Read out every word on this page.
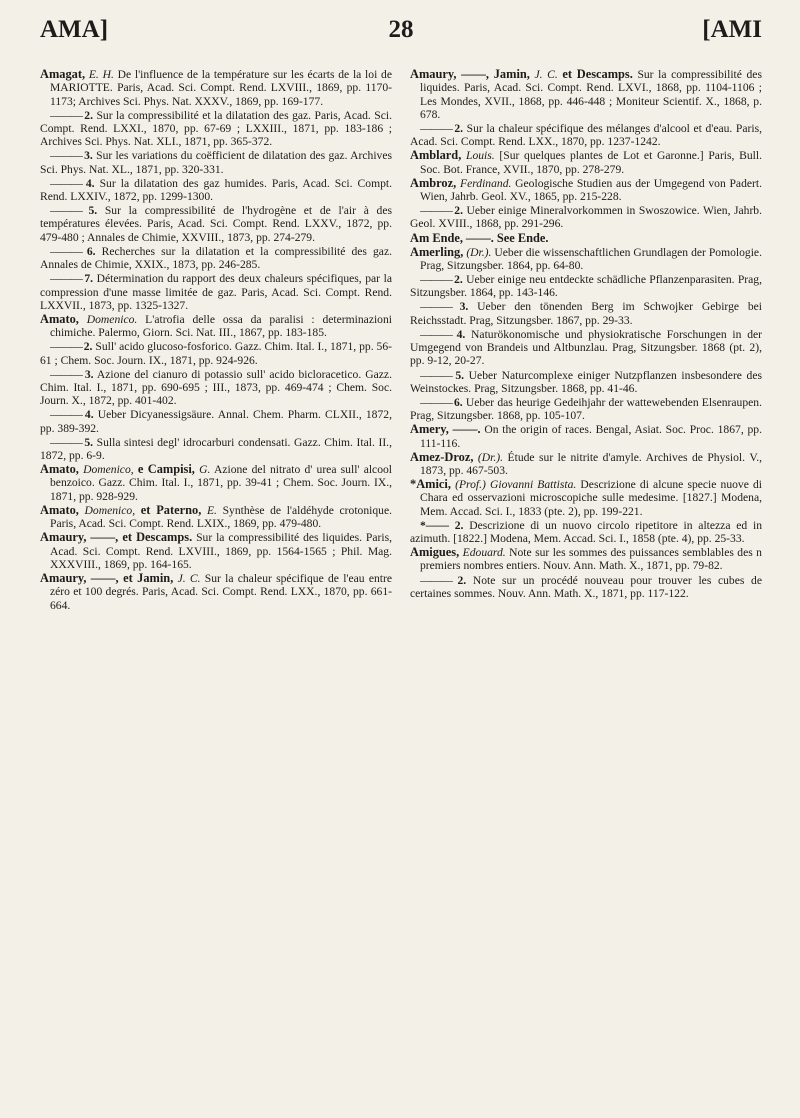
AMA]	28	[AMI

Amagat, E. H. De l'influence de la température sur les écarts de la loi de MARIOTTE. Paris, Acad. Sci. Compt. Rend. LXVIII., 1869, pp. 1170-1173; Archives Sci. Phys. Nat. XXXV., 1869, pp. 169-177.

——— 2. Sur la compressibilité et la dilatation des gaz. Paris, Acad. Sci. Compt. Rend. LXXI., 1870, pp. 67-69 ; LXXIII., 1871, pp. 183-186 ; Archives Sci. Phys. Nat. XLI., 1871, pp. 365-372.

——— 3. Sur les variations du coëfficient de dilatation des gaz. Archives Sci. Phys. Nat. XL., 1871, pp. 320-331.

——— 4. Sur la dilatation des gaz humides. Paris, Acad. Sci. Compt. Rend. LXXIV., 1872, pp. 1299-1300.

——— 5. Sur la compressibilité de l'hydrogène et de l'air à des températures élevées. Paris, Acad. Sci. Compt. Rend. LXXV., 1872, pp. 479-480 ; Annales de Chimie, XXVIII., 1873, pp. 274-279.

——— 6. Recherches sur la dilatation et la compressibilité des gaz. Annales de Chimie, XXIX., 1873, pp. 246-285.

——— 7. Détermination du rapport des deux chaleurs spécifiques, par la compression d'une masse limitée de gaz. Paris, Acad. Sci. Compt. Rend. LXXVII., 1873, pp. 1325-1327.

Amato, Domenico. L'atrofia delle ossa da paralisi : determinazioni chimiche. Palermo, Giorn. Sci. Nat. III., 1867, pp. 183-185.

——— 2. Sull' acido glucoso-fosforico. Gazz. Chim. Ital. I., 1871, pp. 56-61 ; Chem. Soc. Journ. IX., 1871, pp. 924-926.

——— 3. Azione del cianuro di potassio sull' acido bicloracetico. Gazz. Chim. Ital. I., 1871, pp. 690-695 ; III., 1873, pp. 469-474 ; Chem. Soc. Journ. X., 1872, pp. 401-402.

——— 4. Ueber Dicyanessigsäure. Annal. Chem. Pharm. CLXII., 1872, pp. 389-392.

——— 5. Sulla sintesi degl' idrocarburi condensati. Gazz. Chim. Ital. II., 1872, pp. 6-9.

Amato, Domenico, e Campisi, G. Azione del nitrato d' urea sull' alcool benzoico. Gazz. Chim. Ital. I., 1871, pp. 39-41 ; Chem. Soc. Journ. IX., 1871, pp. 928-929.

Amato, Domenico, et Paterno, E. Synthèse de l'aldéhyde crotonique. Paris, Acad. Sci. Compt. Rend. LXIX., 1869, pp. 479-480.

Amaury, ——, et Descamps. Sur la compressibilité des liquides. Paris, Acad. Sci. Compt. Rend. LXVIII., 1869, pp. 1564-1565 ; Phil. Mag. XXXVIII., 1869, pp. 164-165.

Amaury, ——, et Jamin, J. C. Sur la chaleur spécifique de l'eau entre zéro et 100 degrés. Paris, Acad. Sci. Compt. Rend. LXX., 1870, pp. 661-664.

Amaury, ——, Jamin, J. C. et Descamps. Sur la compressibilité des liquides. Paris, Acad. Sci. Compt. Rend. LXVI., 1868, pp. 1104-1106 ; Les Mondes, XVII., 1868, pp. 446-448 ; Moniteur Scientif. X., 1868, p. 678.

——— 2. Sur la chaleur spécifique des mélanges d'alcool et d'eau. Paris, Acad. Sci. Compt. Rend. LXX., 1870, pp. 1237-1242.

Amblard, Louis. [Sur quelques plantes de Lot et Garonne.] Paris, Bull. Soc. Bot. France, XVII., 1870, pp. 278-279.

Ambroz, Ferdinand. Geologische Studien aus der Umgegend von Padert. Wien, Jahrb. Geol. XV., 1865, pp. 215-228.

——— 2. Ueber einige Mineralvorkommen in Swoszowice. Wien, Jahrb. Geol. XVIII., 1868, pp. 291-296.

Am Ende, ——. See Ende.

Amerling, (Dr.). Ueber die wissenschaftlichen Grundlagen der Pomologie. Prag, Sitzungsber. 1864, pp. 64-80.

——— 2. Ueber einige neu entdeckte schädliche Pflanzenparasiten. Prag, Sitzungsber. 1864, pp. 143-146.

——— 3. Ueber den tönenden Berg im Schwojker Gebirge bei Reichsstadt. Prag, Sitzungsber. 1867, pp. 29-33.

——— 4. Naturökonomische und physiokratische Forschungen in der Umgegend von Brandeis und Altbunzlau. Prag, Sitzungsber. 1868 (pt. 2), pp. 9-12, 20-27.

——— 5. Ueber Naturcomplexe einiger Nutzpflanzen insbesondere des Weinstockes. Prag, Sitzungsber. 1868, pp. 41-46.

——— 6. Ueber das heurige Gedeihjahr der wattewebenden Elsenraupen. Prag, Sitzungsber. 1868, pp. 105-107.

Amery, ——. On the origin of races. Bengal, Asiat. Soc. Proc. 1867, pp. 111-116.

Amez-Droz, (Dr.). Étude sur le nitrite d'amyle. Archives de Physiol. V., 1873, pp. 467-503.

*Amici, (Prof.) Giovanni Battista. Descrizione di alcune specie nuove di Chara ed osservazioni microscopiche sulle medesime. [1827.] Modena, Mem. Accad. Sci. I., 1833 (pte. 2), pp. 199-221.

*—— 2. Descrizione di un nuovo circolo ripetitore in altezza ed in azimuth. [1822.] Modena, Mem. Accad. Sci. I., 1858 (pte. 4), pp. 25-33.

Amigues, Edouard. Note sur les sommes des puissances semblables des n premiers nombres entiers. Nouv. Ann. Math. X., 1871, pp. 79-82.

——— 2. Note sur un procédé nouveau pour trouver les cubes de certaines sommes. Nouv. Ann. Math. X., 1871, pp. 117-122.
